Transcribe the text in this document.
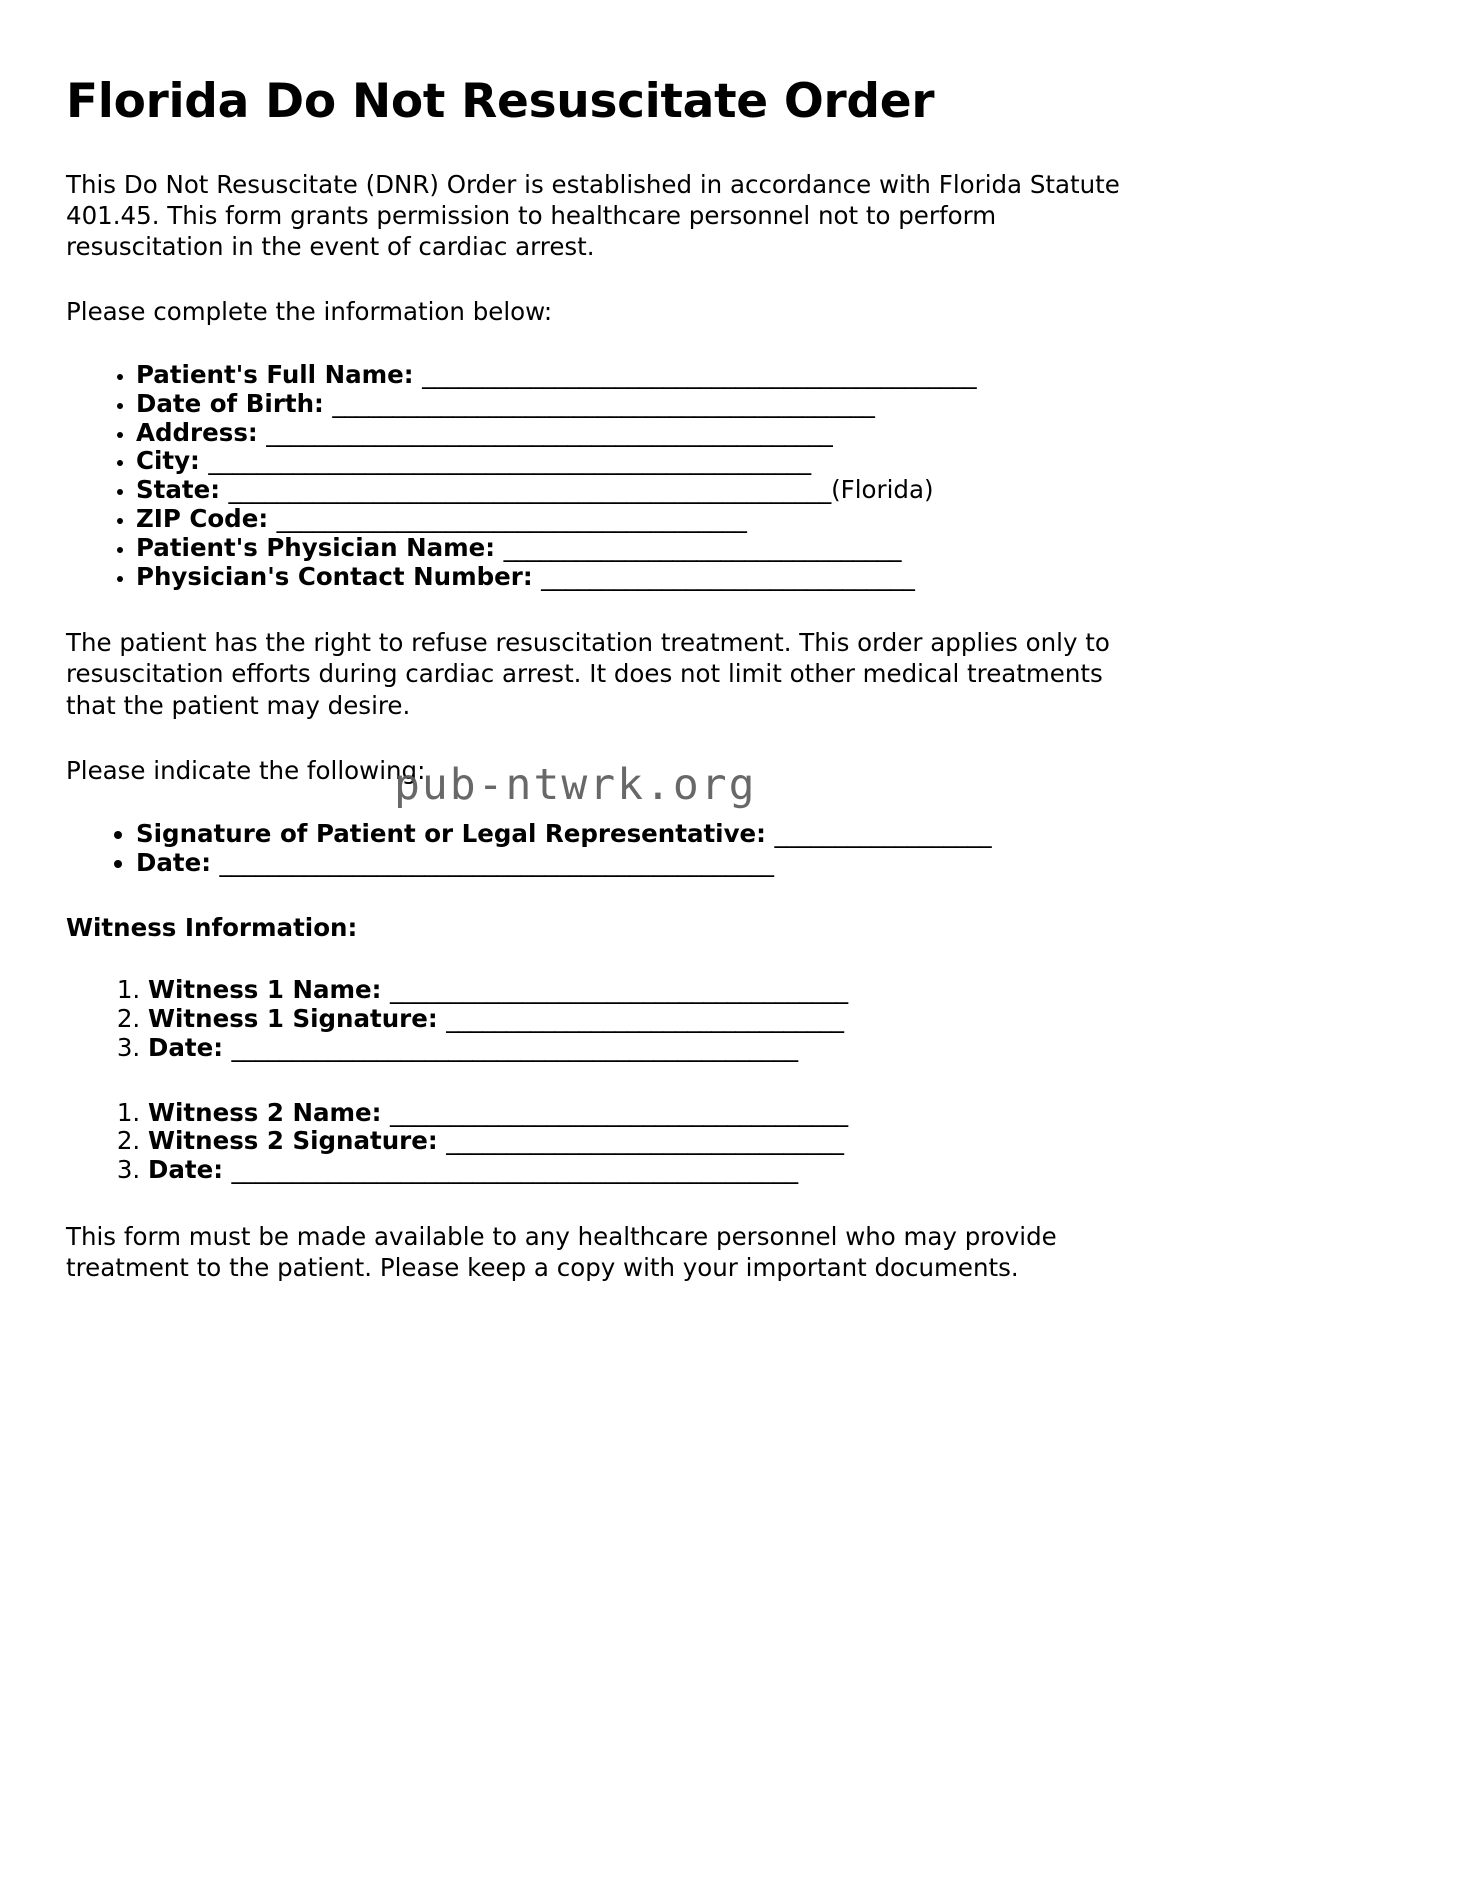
Florida Do Not Resuscitate Order

This Do Not Resuscitate (DNR) Order is established in accordance with Florida Statute 401.45. This form grants permission to healthcare personnel not to perform resuscitation in the event of cardiac arrest.

Please complete the information below:

• Patient's Full Name: ______________________________________________
• Date of Birth: _____________________________________________
• Address: _______________________________________________
• City: __________________________________________________
• State: __________________________________________________(Florida)
• ZIP Code: _______________________________________
• Patient's Physician Name: _________________________________
• Physician's Contact Number: _______________________________

The patient has the right to refuse resuscitation treatment. This order applies only to resuscitation efforts during cardiac arrest. It does not limit other medical treatments that the patient may desire.

Please indicate the following:

• Signature of Patient or Legal Representative: __________________
• Date: ______________________________________________
Witness Information:
1. Witness 1 Name: ______________________________________
2. Witness 1 Signature: _________________________________
3. Date: _______________________________________________
1. Witness 2 Name: ______________________________________
2. Witness 2 Signature: _________________________________
3. Date: _______________________________________________

This form must be made available to any healthcare personnel who may provide treatment to the patient. Please keep a copy with your important documents.

pub-ntwrk.org
